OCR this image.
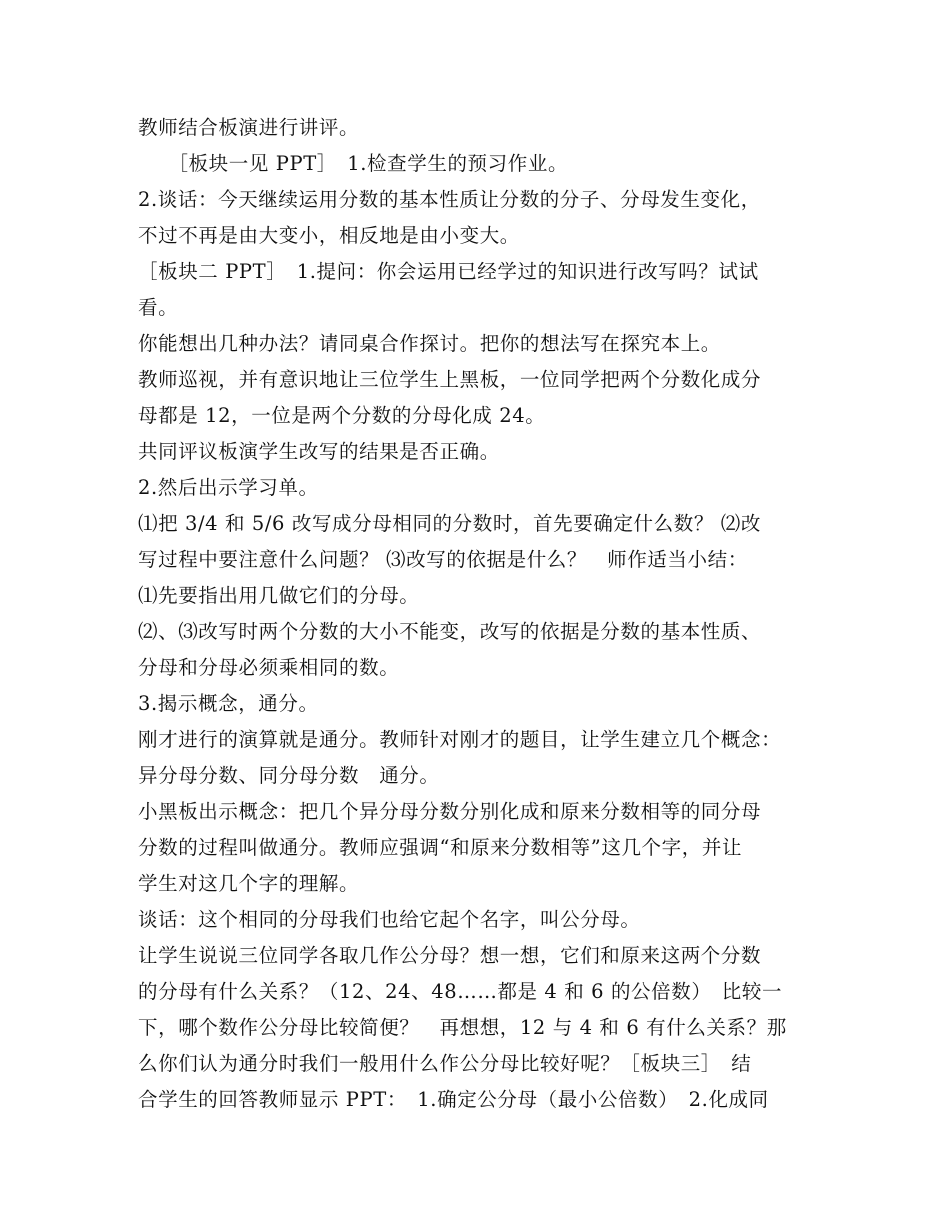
教师结合板演进行讲评。
　　［板块一见 PPT］　1.检查学生的预习作业。
2.谈话：今天继续运用分数的基本性质让分数的分子、分母发生变化，
不过不再是由大变小，相反地是由小变大。
［板块二 PPT］　1.提问：你会运用已经学过的知识进行改写吗？试试
看。
你能想出几种办法？请同桌合作探讨。把你的想法写在探究本上。
教师巡视，并有意识地让三位学生上黑板，一位同学把两个分数化成分
母都是 12，一位是两个分数的分母化成 24。
共同评议板演学生改写的结果是否正确。
2.然后出示学习单。
⑴把 3/4 和 5/6 改写成分母相同的分数时，首先要确定什么数？ ⑵改
写过程中要注意什么问题？ ⑶改写的依据是什么？　师作适当小结：
⑴先要指出用几做它们的分母。
⑵、⑶改写时两个分数的大小不能变，改写的依据是分数的基本性质、
分母和分母必须乘相同的数。
3.揭示概念，通分。
刚才进行的演算就是通分。教师针对刚才的题目，让学生建立几个概念：
异分母分数、同分母分数　通分。
小黑板出示概念：把几个异分母分数分别化成和原来分数相等的同分母
分数的过程叫做通分。教师应强调“和原来分数相等”这几个字，并让
学生对这几个字的理解。
谈话：这个相同的分母我们也给它起个名字，叫公分母。
让学生说说三位同学各取几作公分母？想一想，它们和原来这两个分数
的分母有什么关系？（12、24、48……都是 4 和 6 的公倍数）　比较一
下，哪个数作公分母比较简便？　再想想，12 与 4 和 6 有什么关系？那
么你们认为通分时我们一般用什么作公分母比较好呢？［板块三］　结
合学生的回答教师显示 PPT：　1.确定公分母（最小公倍数）　2.化成同
